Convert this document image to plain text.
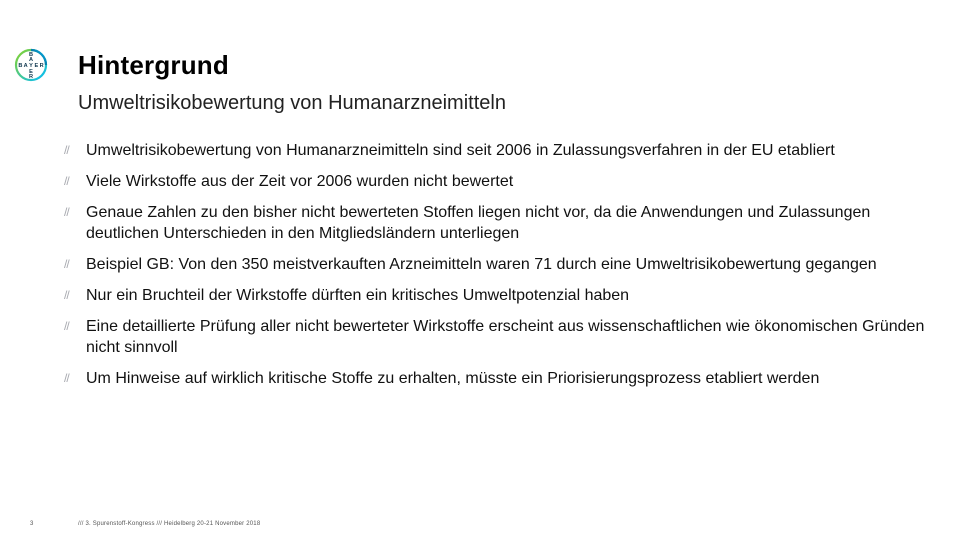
B
A
B A Y E R
E
R Hintergrund
Umweltrisikobewertung von Humanarzneimitteln
//	Umweltrisikobewertung von Humanarzneimitteln sind seit 2006 in Zulassungsverfahren in der EU etabliert
//	Viele Wirkstoffe aus der Zeit vor 2006 wurden nicht bewertet
//	Genaue Zahlen zu den bisher nicht bewerteten Stoffen liegen nicht vor, da die Anwendungen und Zulassungen deutlichen Unterschieden in den Mitgliedsländern unterliegen
//	Beispiel GB: Von den 350 meistverkauften Arzneimitteln waren 71 durch eine Umweltrisikobewertung gegangen
//	Nur ein Bruchteil der Wirkstoffe dürften ein kritisches Umweltpotenzial haben
//	Eine detaillierte Prüfung aller nicht bewerteter Wirkstoffe erscheint aus wissenschaftlichen wie ökonomischen Gründen nicht sinnvoll
//	Um Hinweise auf wirklich kritische Stoffe zu erhalten, müsste ein Priorisierungsprozess etabliert werden
3	/// 3. Spurenstoff-Kongress /// Heidelberg 20-21 November 2018
